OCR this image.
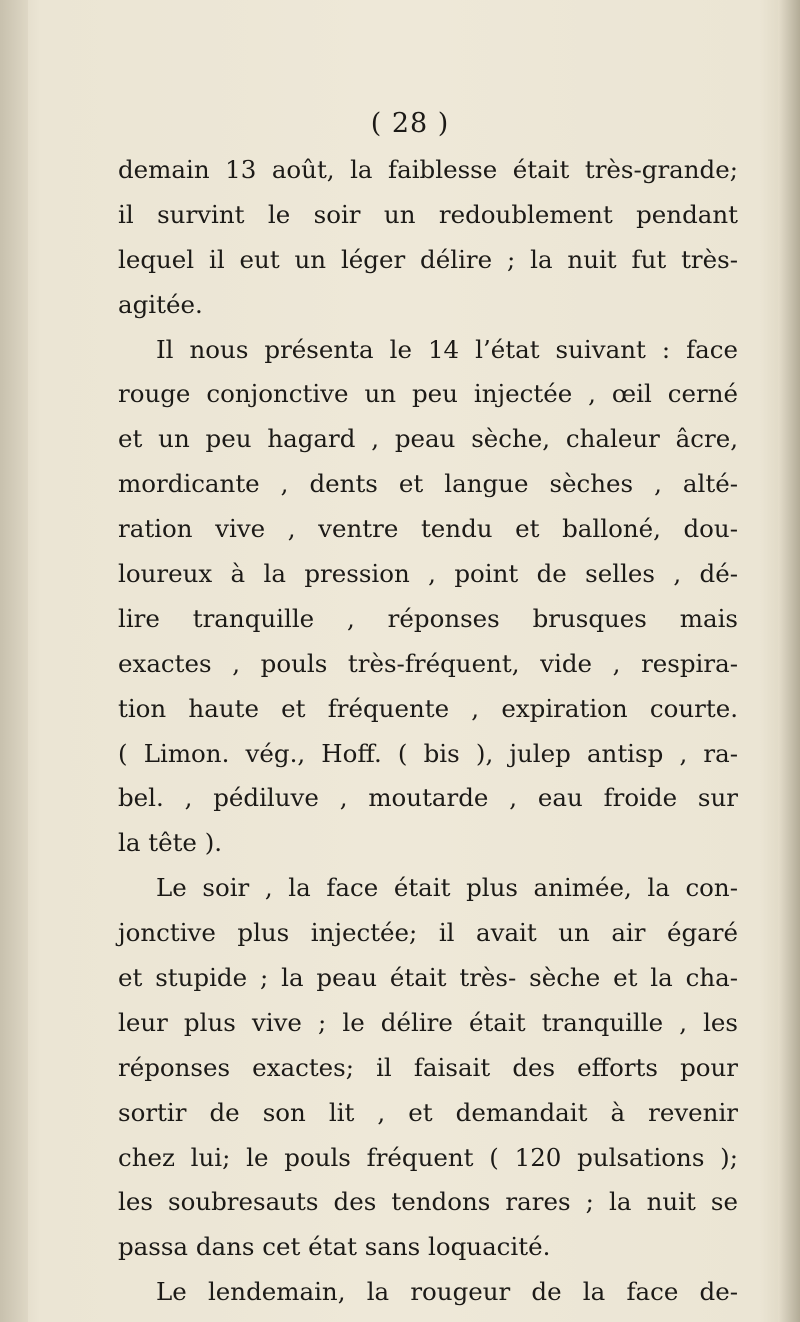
( 28 )
demain 13 août, la faiblesse était très-grande;
il survint le soir un redoublement pendant
lequel il eut un léger délire ; la nuit fut très-
agitée.
Il nous présenta le 14 l’état suivant : face
rouge conjonctive un peu injectée , œil cerné
et un peu hagard , peau sèche, chaleur âcre,
mordicante , dents et langue sèches , alté-
ration vive , ventre tendu et balloné, dou-
loureux à la pression , point de selles , dé-
lire tranquille , réponses brusques mais
exactes , pouls très-fréquent, vide , respira-
tion haute et fréquente , expiration courte.
( Limon. vég., Hoff. ( bis ), julep antisp , ra-
bel. , pédiluve , moutarde , eau froide sur
la tête ).
Le soir , la face était plus animée, la con-
jonctive plus injectée; il avait un air égaré
et stupide ; la peau était très- sèche et la cha-
leur plus vive ; le délire était tranquille , les
réponses exactes; il faisait des efforts pour
sortir de son lit , et demandait à revenir
chez lui; le pouls fréquent ( 120 pulsations );
les soubresauts des tendons rares ; la nuit se
passa dans cet état sans loquacité.
Le lendemain, la rougeur de la face de-
